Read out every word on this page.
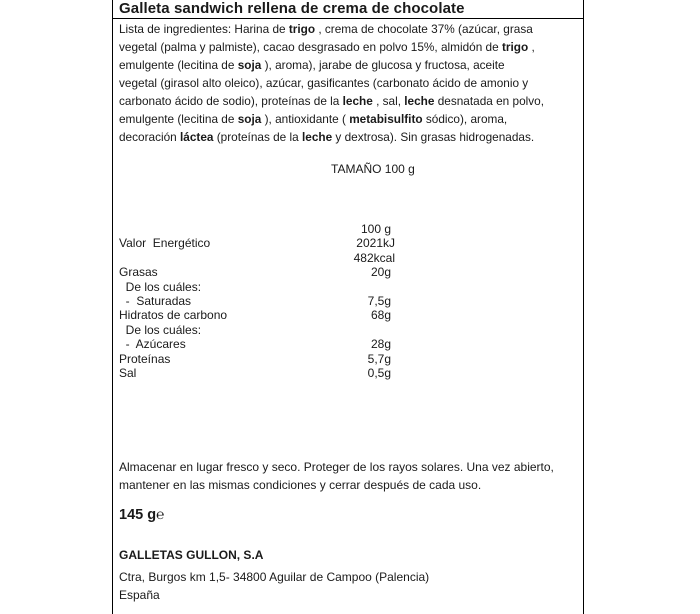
Galleta sandwich rellena de crema de chocolate
Lista de ingredientes: Harina de trigo , crema de chocolate 37% (azúcar, grasa
vegetal (palma y palmiste), cacao desgrasado en polvo 15%, almidón de trigo ,
emulgente (lecitina de soja ), aroma), jarabe de glucosa y fructosa, aceite
vegetal (girasol alto oleico), azúcar, gasificantes (carbonato ácido de amonio y
carbonato ácido de sodio), proteínas de la leche , sal, leche desnatada en polvo,
emulgente (lecitina de soja ), antioxidante ( metabisulfito sódico), aroma,
decoración láctea (proteínas de la leche y dextrosa). Sin grasas hidrogenadas.
TAMAÑO 100 g
100 g
Valor  Energético	2021kJ
482kcal
Grasas	20g
De los cuáles:
-  Saturadas	7,5g
Hidratos de carbono	68g
De los cuáles:
-  Azúcares	28g
Proteínas	5,7g
Sal	0,5g
Almacenar en lugar fresco y seco. Proteger de los rayos solares. Una vez abierto,
mantener en las mismas condiciones y cerrar después de cada uso.
145 g℮
GALLETAS GULLON, S.A
Ctra, Burgos km 1,5- 34800 Aguilar de Campoo (Palencia)
España
